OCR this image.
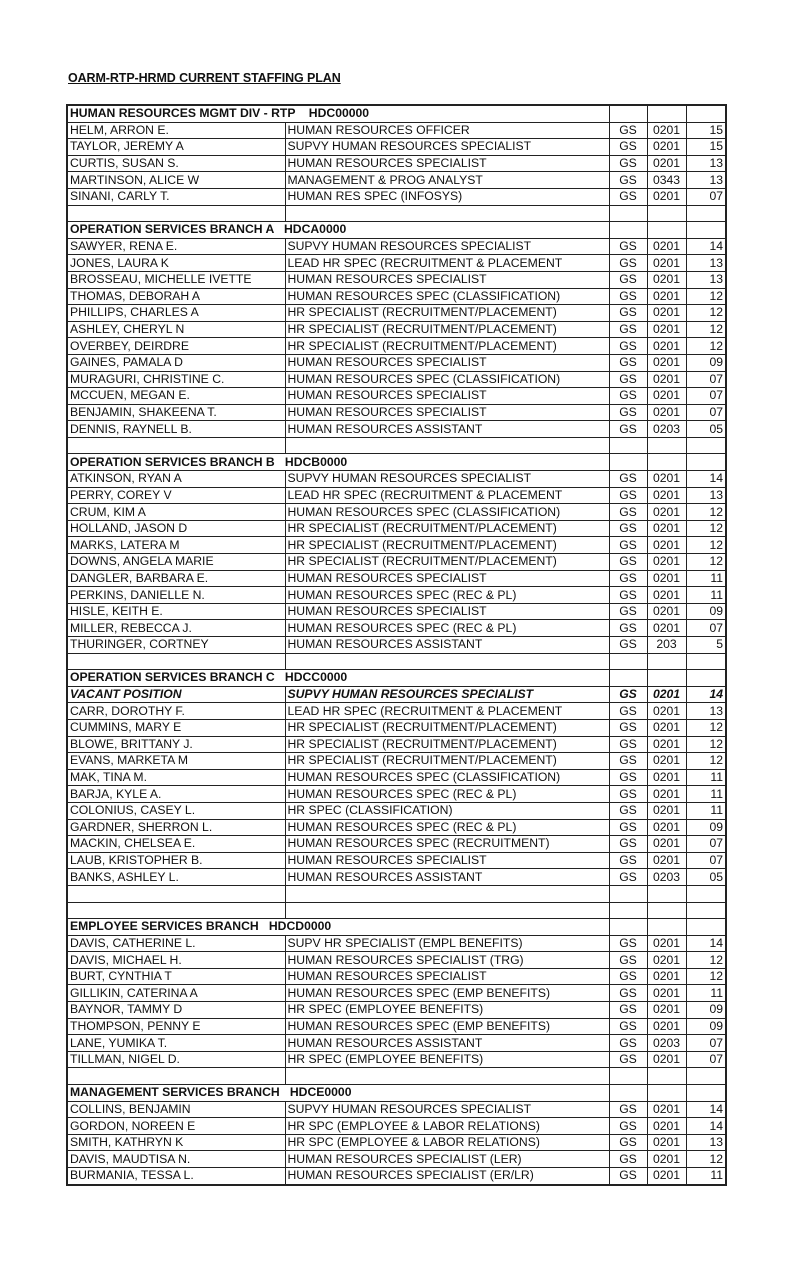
OARM-RTP-HRMD CURRENT STAFFING PLAN
HUMAN RESOURCES MGMT DIV - RTP    HDC00000				
HELM, ARRON E.	HUMAN RESOURCES OFFICER	GS	0201	15
TAYLOR, JEREMY A	SUPVY HUMAN RESOURCES SPECIALIST	GS	0201	15
CURTIS, SUSAN S.	HUMAN RESOURCES SPECIALIST	GS	0201	13
MARTINSON, ALICE W	MANAGEMENT & PROG ANALYST	GS	0343	13
SINANI, CARLY T.	HUMAN RES SPEC (INFOSYS)	GS	0201	07

OPERATION SERVICES BRANCH A   HDCA0000				
SAWYER, RENA E.	SUPVY HUMAN RESOURCES SPECIALIST	GS	0201	14
JONES, LAURA K	LEAD HR SPEC (RECRUITMENT & PLACEMENT	GS	0201	13
BROSSEAU, MICHELLE IVETTE	HUMAN RESOURCES SPECIALIST	GS	0201	13
THOMAS, DEBORAH A	HUMAN RESOURCES SPEC (CLASSIFICATION)	GS	0201	12
PHILLIPS, CHARLES A	HR SPECIALIST (RECRUITMENT/PLACEMENT)	GS	0201	12
ASHLEY, CHERYL N	HR SPECIALIST (RECRUITMENT/PLACEMENT)	GS	0201	12
OVERBEY, DEIRDRE	HR SPECIALIST (RECRUITMENT/PLACEMENT)	GS	0201	12
GAINES, PAMALA D	HUMAN RESOURCES SPECIALIST	GS	0201	09
MURAGURI, CHRISTINE C.	HUMAN RESOURCES SPEC (CLASSIFICATION)	GS	0201	07
MCCUEN, MEGAN E.	HUMAN RESOURCES SPECIALIST	GS	0201	07
BENJAMIN, SHAKEENA T.	HUMAN RESOURCES SPECIALIST	GS	0201	07
DENNIS, RAYNELL B.	HUMAN RESOURCES ASSISTANT	GS	0203	05

OPERATION SERVICES BRANCH B   HDCB0000				
ATKINSON, RYAN A	SUPVY HUMAN RESOURCES SPECIALIST	GS	0201	14
PERRY, COREY V	LEAD HR SPEC (RECRUITMENT & PLACEMENT	GS	0201	13
CRUM, KIM A	HUMAN RESOURCES SPEC (CLASSIFICATION)	GS	0201	12
HOLLAND, JASON D	HR SPECIALIST (RECRUITMENT/PLACEMENT)	GS	0201	12
MARKS, LATERA M	HR SPECIALIST (RECRUITMENT/PLACEMENT)	GS	0201	12
DOWNS, ANGELA MARIE	HR SPECIALIST (RECRUITMENT/PLACEMENT)	GS	0201	12
DANGLER, BARBARA E.	HUMAN RESOURCES SPECIALIST	GS	0201	11
PERKINS, DANIELLE N.	HUMAN RESOURCES SPEC (REC & PL)	GS	0201	11
HISLE, KEITH E.	HUMAN RESOURCES SPECIALIST	GS	0201	09
MILLER, REBECCA J.	HUMAN RESOURCES SPEC (REC & PL)	GS	0201	07
THURINGER, CORTNEY	HUMAN RESOURCES ASSISTANT	GS	203	5

OPERATION SERVICES BRANCH C   HDCC0000				
VACANT POSITION	SUPVY HUMAN RESOURCES SPECIALIST	GS	0201	14
CARR, DOROTHY F.	LEAD HR SPEC (RECRUITMENT & PLACEMENT	GS	0201	13
CUMMINS, MARY E	HR SPECIALIST (RECRUITMENT/PLACEMENT)	GS	0201	12
BLOWE, BRITTANY J.	HR SPECIALIST (RECRUITMENT/PLACEMENT)	GS	0201	12
EVANS, MARKETA M	HR SPECIALIST (RECRUITMENT/PLACEMENT)	GS	0201	12
MAK, TINA M.	HUMAN RESOURCES SPEC (CLASSIFICATION)	GS	0201	11
BARJA, KYLE A.	HUMAN RESOURCES SPEC (REC & PL)	GS	0201	11
COLONIUS, CASEY L.	HR SPEC (CLASSIFICATION)	GS	0201	11
GARDNER, SHERRON L.	HUMAN RESOURCES SPEC (REC & PL)	GS	0201	09
MACKIN, CHELSEA E.	HUMAN RESOURCES SPEC (RECRUITMENT)	GS	0201	07
LAUB, KRISTOPHER B.	HUMAN RESOURCES SPECIALIST	GS	0201	07
BANKS, ASHLEY L.	HUMAN RESOURCES ASSISTANT	GS	0203	05

EMPLOYEE SERVICES BRANCH   HDCD0000				
DAVIS, CATHERINE L.	SUPV HR SPECIALIST (EMPL BENEFITS)	GS	0201	14
DAVIS, MICHAEL H.	HUMAN RESOURCES SPECIALIST (TRG)	GS	0201	12
BURT, CYNTHIA T	HUMAN RESOURCES SPECIALIST	GS	0201	12
GILLIKIN, CATERINA A	HUMAN RESOURCES SPEC (EMP BENEFITS)	GS	0201	11
BAYNOR, TAMMY D	HR SPEC (EMPLOYEE BENEFITS)	GS	0201	09
THOMPSON, PENNY E	HUMAN RESOURCES SPEC (EMP BENEFITS)	GS	0201	09
LANE, YUMIKA T.	HUMAN RESOURCES ASSISTANT	GS	0203	07
TILLMAN, NIGEL D.	HR SPEC (EMPLOYEE BENEFITS)	GS	0201	07

MANAGEMENT SERVICES BRANCH   HDCE0000				
COLLINS, BENJAMIN	SUPVY HUMAN RESOURCES SPECIALIST	GS	0201	14
GORDON, NOREEN E	HR SPC (EMPLOYEE & LABOR RELATIONS)	GS	0201	14
SMITH, KATHRYN K	HR SPC (EMPLOYEE & LABOR RELATIONS)	GS	0201	13
DAVIS, MAUDTISA N.	HUMAN RESOURCES SPECIALIST (LER)	GS	0201	12
BURMANIA, TESSA L.	HUMAN RESOURCES SPECIALIST (ER/LR)	GS	0201	11
